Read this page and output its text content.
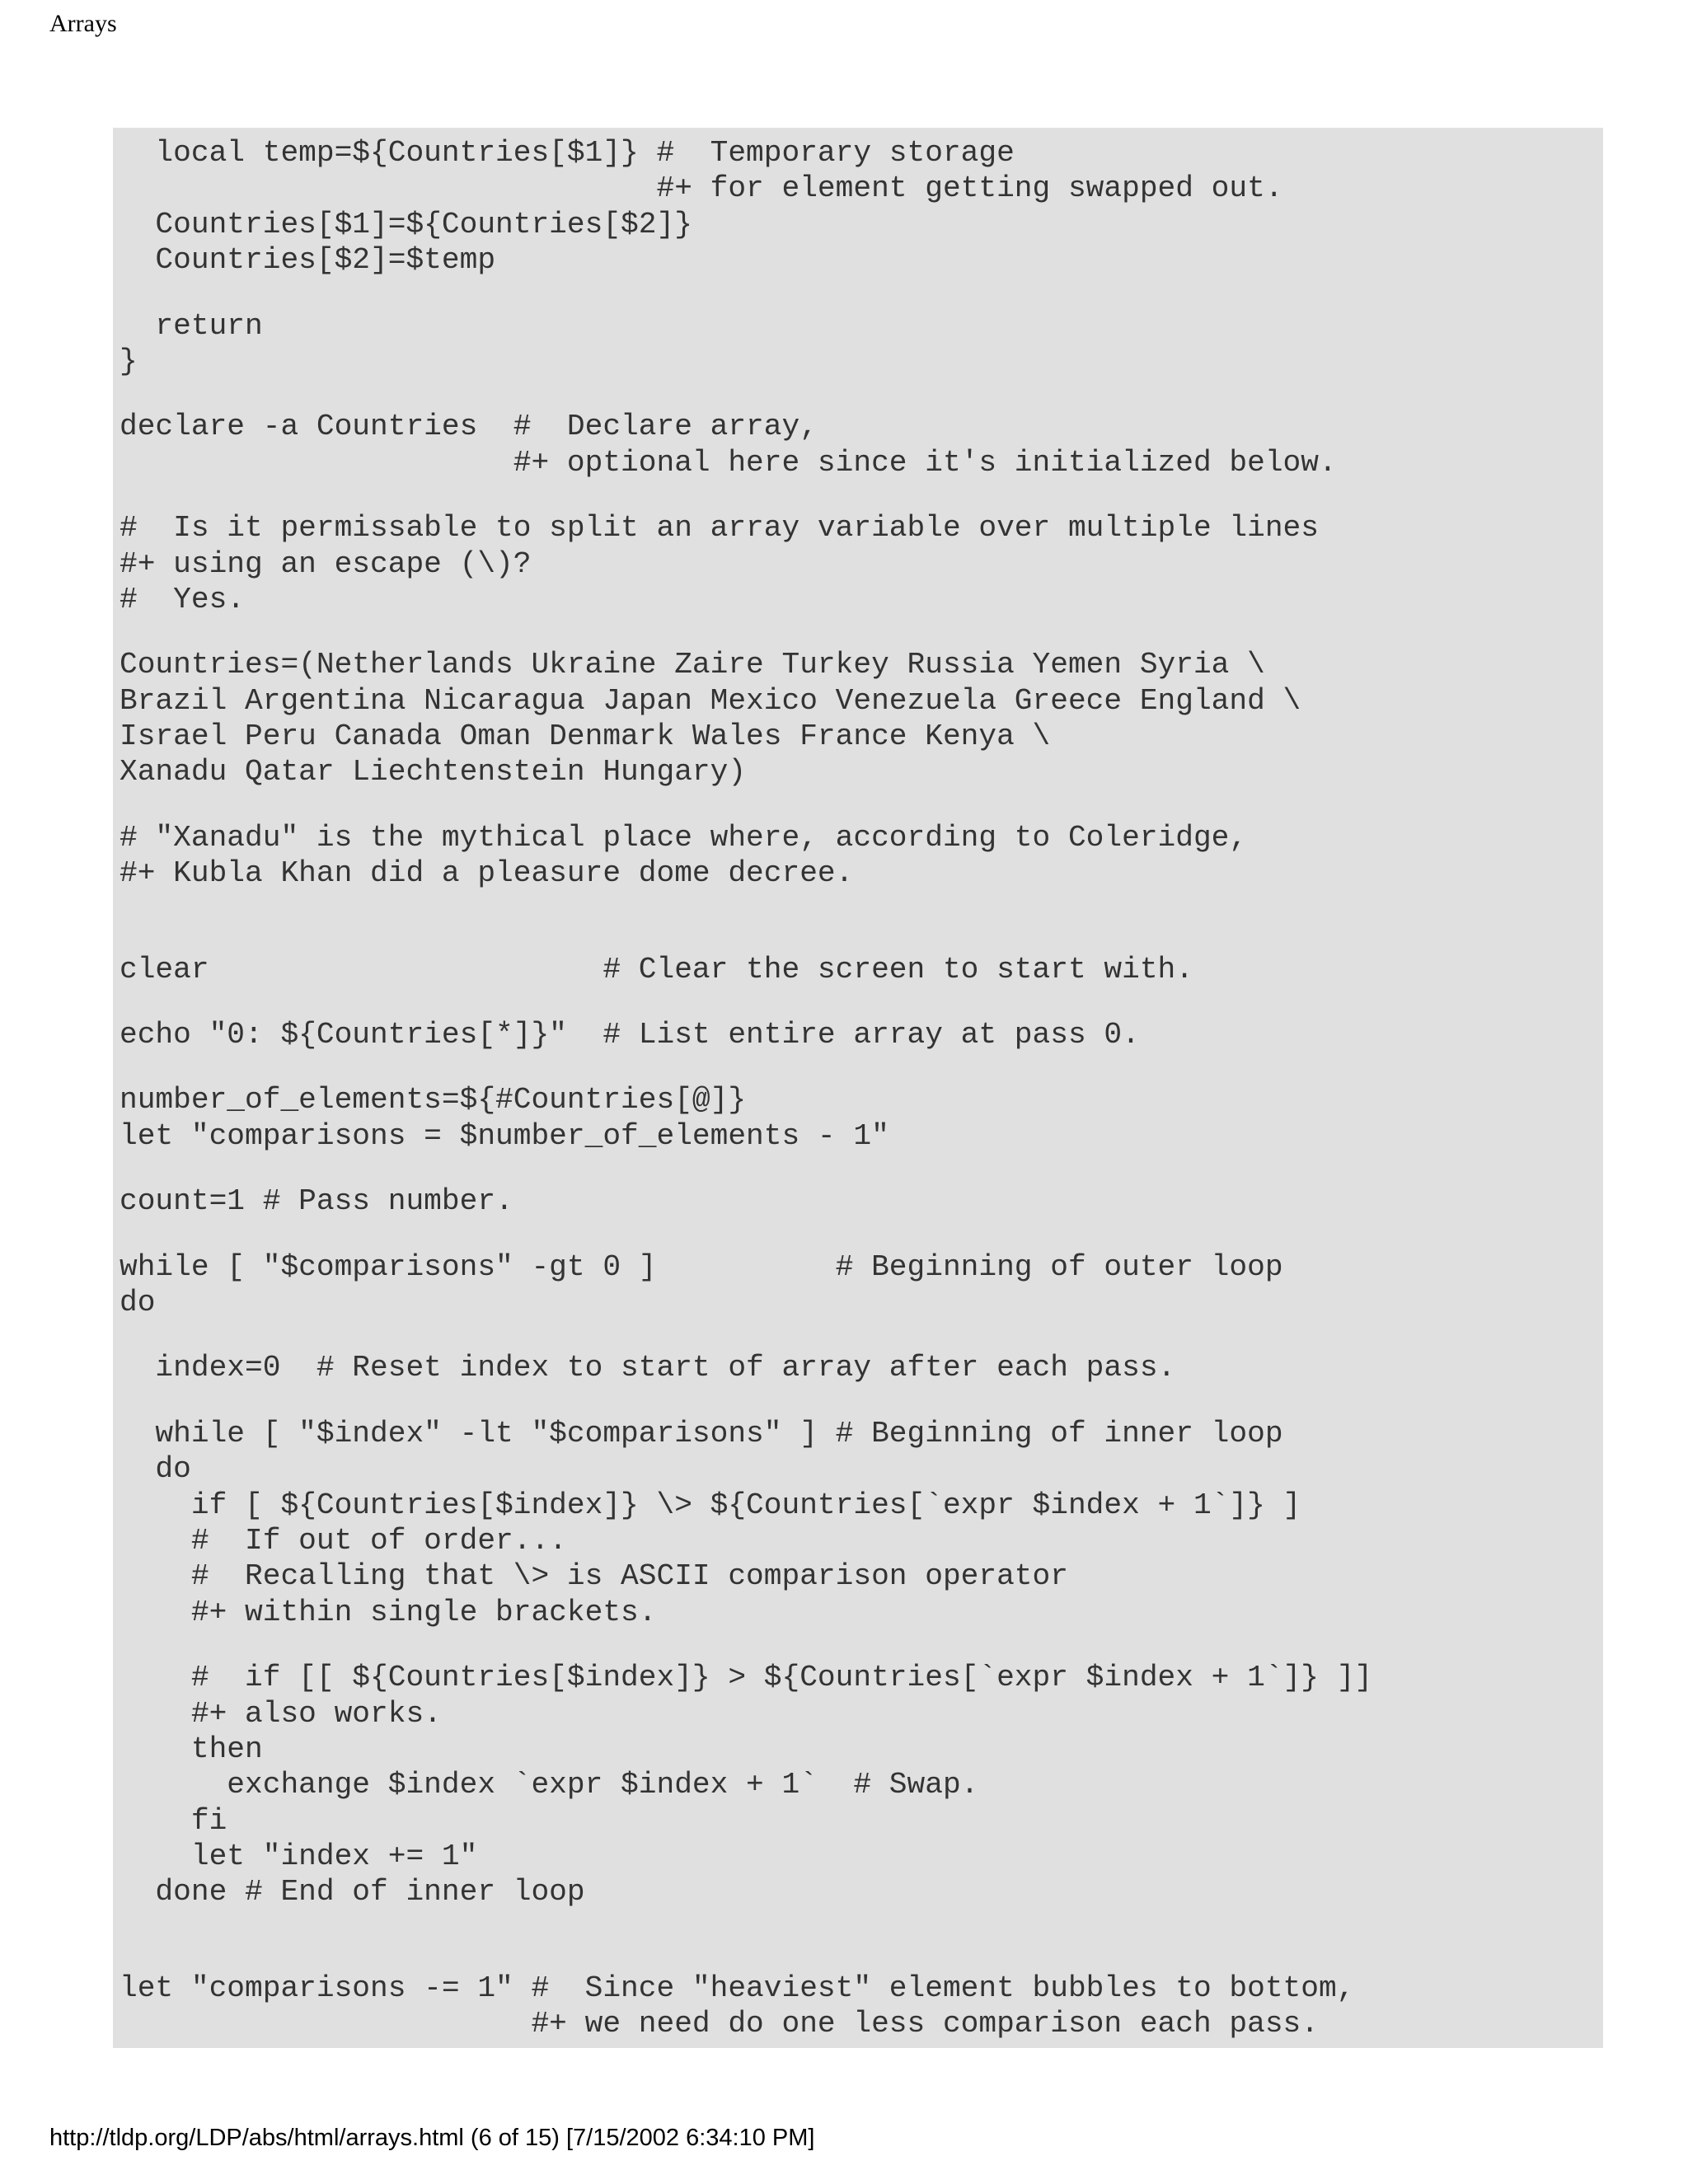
Arrays
local temp=${Countries[$1]} #  Temporary storage
#+ for element getting swapped out.
Countries[$1]=${Countries[$2]}
Countries[$2]=$temp
return
}
declare -a Countries  #  Declare array,
#+ optional here since it's initialized below.
#  Is it permissable to split an array variable over multiple lines
#+ using an escape (\)?
#  Yes.
Countries=(Netherlands Ukraine Zaire Turkey Russia Yemen Syria \
Brazil Argentina Nicaragua Japan Mexico Venezuela Greece England \
Israel Peru Canada Oman Denmark Wales France Kenya \
Xanadu Qatar Liechtenstein Hungary)
# "Xanadu" is the mythical place where, according to Coleridge,
#+ Kubla Khan did a pleasure dome decree.
clear                      # Clear the screen to start with.
echo "0: ${Countries[*]}"  # List entire array at pass 0.
number_of_elements=${#Countries[@]}
let "comparisons = $number_of_elements - 1"
count=1 # Pass number.
while [ "$comparisons" -gt 0 ]          # Beginning of outer loop
do
index=0  # Reset index to start of array after each pass.
while [ "$index" -lt "$comparisons" ] # Beginning of inner loop
do
if [ ${Countries[$index]} \> ${Countries[`expr $index + 1`]} ]
#  If out of order...
#  Recalling that \> is ASCII comparison operator
#+ within single brackets.
#  if [[ ${Countries[$index]} > ${Countries[`expr $index + 1`]} ]]
#+ also works.
then
exchange $index `expr $index + 1`  # Swap.
fi
let "index += 1"
done # End of inner loop
let "comparisons -= 1" #  Since "heaviest" element bubbles to bottom,
#+ we need do one less comparison each pass.
http://tldp.org/LDP/abs/html/arrays.html (6 of 15) [7/15/2002 6:34:10 PM]
